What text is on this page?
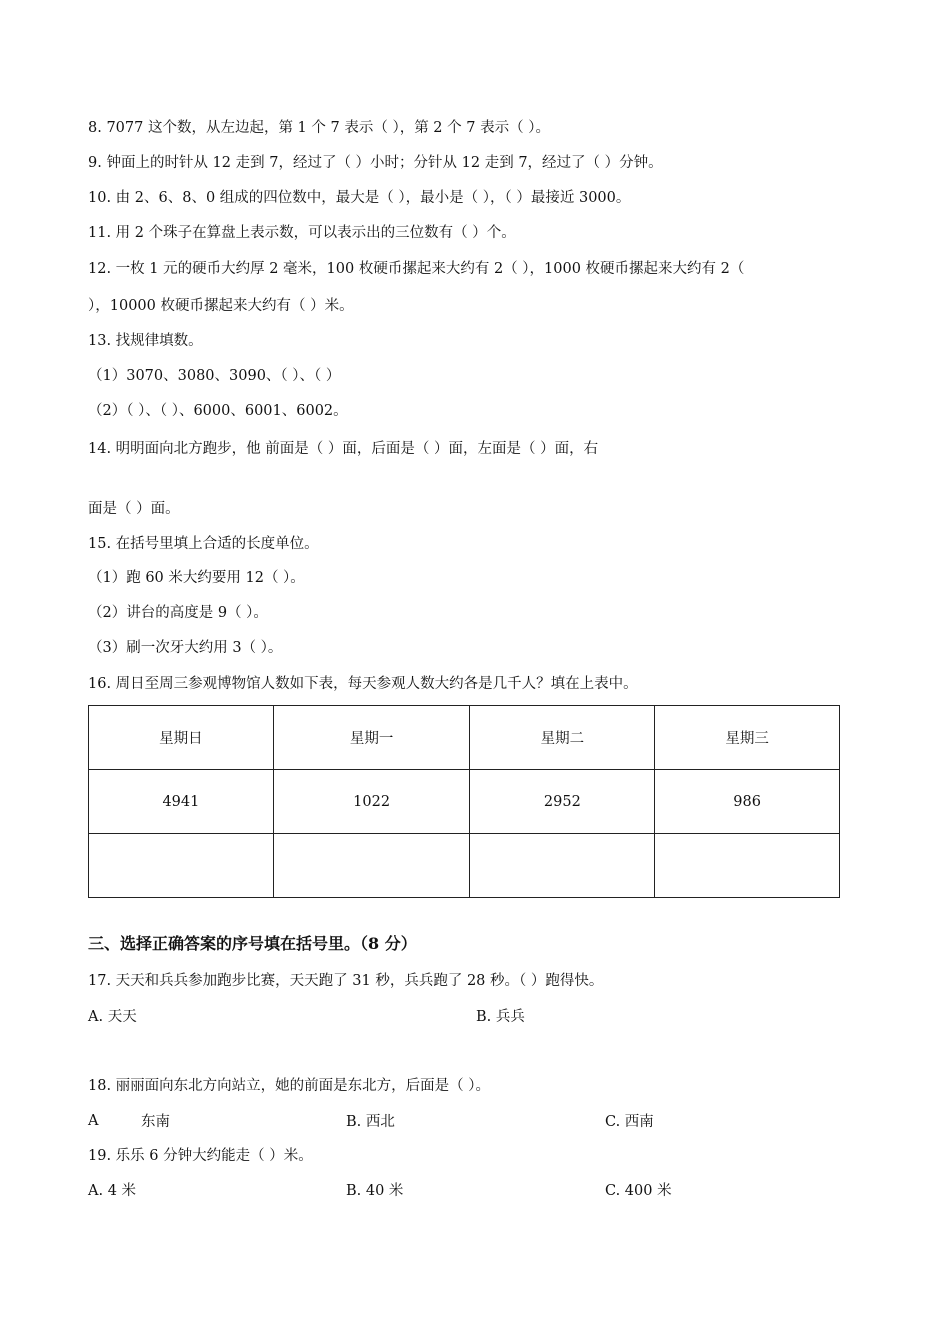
8. 7077 这个数，从左边起，第 1 个 7 表示（ ），第 2 个 7 表示（ ）。
9. 钟面上的时针从 12 走到 7，经过了（ ）小时；分针从 12 走到 7，经过了（ ）分钟。
10. 由 2、6、8、0 组成的四位数中，最大是（ ），最小是（ ），（ ）最接近 3000。
11. 用 2 个珠子在算盘上表示数，可以表示出的三位数有（ ）个。
12. 一枚 1 元的硬币大约厚 2 毫米，100 枚硬币摞起来大约有 2（ ），1000 枚硬币摞起来大约有 2（
），10000 枚硬币摞起来大约有（ ）米。
13. 找规律填数。
（1）3070、3080、3090、（ ）、（ ）
（2）（ ）、（ ）、6000、6001、6002。
14. 明明面向北方跑步，他 前面是（ ）面，后面是（ ）面，左面是（ ）面，右
面是（ ）面。
15. 在括号里填上合适的长度单位。
（1）跑 60 米大约要用 12（ ）。
（2）讲台的高度是 9（ ）。
（3）刷一次牙大约用 3（ ）。
16. 周日至周三参观博物馆人数如下表，每天参观人数大约各是几千人？填在上表中。
星期日	星期一	星期二	星期三
4941	1022	2952	986

三、选择正确答案的序号填在括号里。（8 分）
17. 天天和兵兵参加跑步比赛，天天跑了 31 秒，兵兵跑了 28 秒。（ ）跑得快。
A. 天天	B. 兵兵
18. 丽丽面向东北方向站立，她的前面是东北方，后面是（ ）。
A	东南	B. 西北	C. 西南
19. 乐乐 6 分钟大约能走（ ）米。
A. 4 米	B. 40 米	C. 400 米
